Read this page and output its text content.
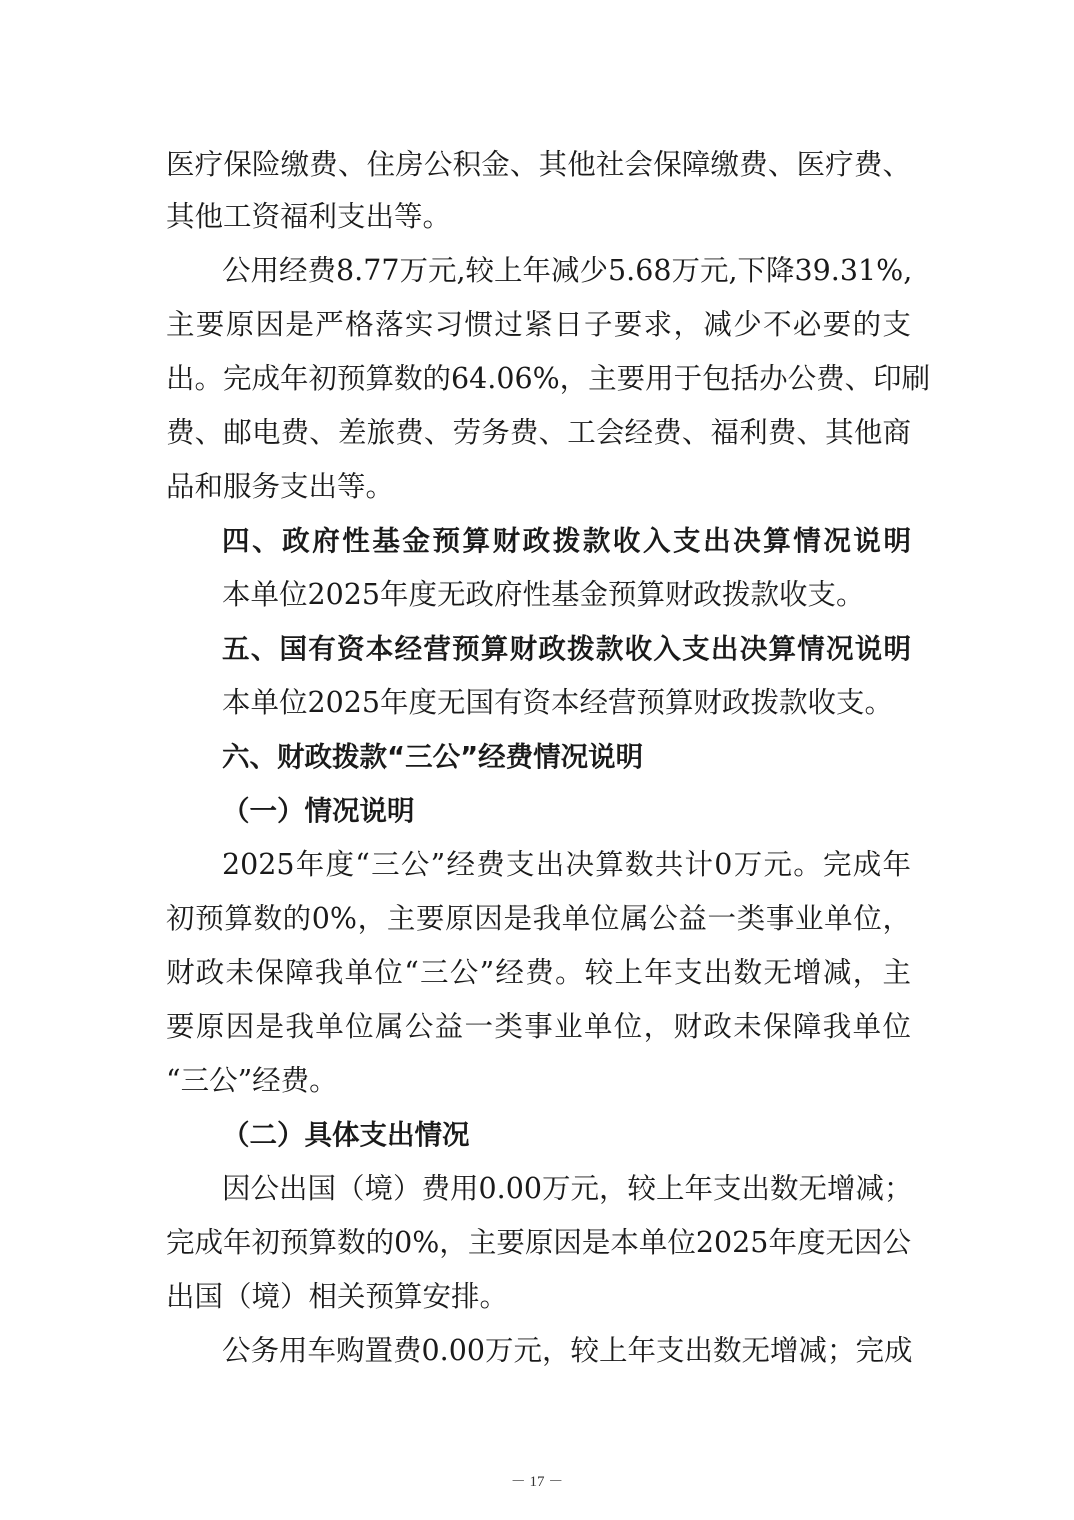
医疗保险缴费、住房公积金、其他社会保障缴费、医疗费、
其他工资福利支出等。
公用经费8.77万元,较上年减少5.68万元,下降39.31%,
主要原因是严格落实习惯过紧日子要求，减少不必要的支
出。完成年初预算数的64.06%，主要用于包括办公费、印刷
费、邮电费、差旅费、劳务费、工会经费、福利费、其他商
品和服务支出等。
四、政府性基金预算财政拨款收入支出决算情况说明
本单位2025年度无政府性基金预算财政拨款收支。
五、国有资本经营预算财政拨款收入支出决算情况说明
本单位2025年度无国有资本经营预算财政拨款收支。
六、财政拨款“三公”经费情况说明
（一）情况说明
2025年度“三公”经费支出决算数共计0万元。完成年
初预算数的0%，主要原因是我单位属公益一类事业单位，
财政未保障我单位“三公”经费。较上年支出数无增减，主
要原因是我单位属公益一类事业单位，财政未保障我单位
“三公”经费。
（二）具体支出情况
因公出国（境）费用0.00万元，较上年支出数无增减；
完成年初预算数的0%，主要原因是本单位2025年度无因公
出国（境）相关预算安排。
公务用车购置费0.00万元，较上年支出数无增减；完成
－ 17 －
